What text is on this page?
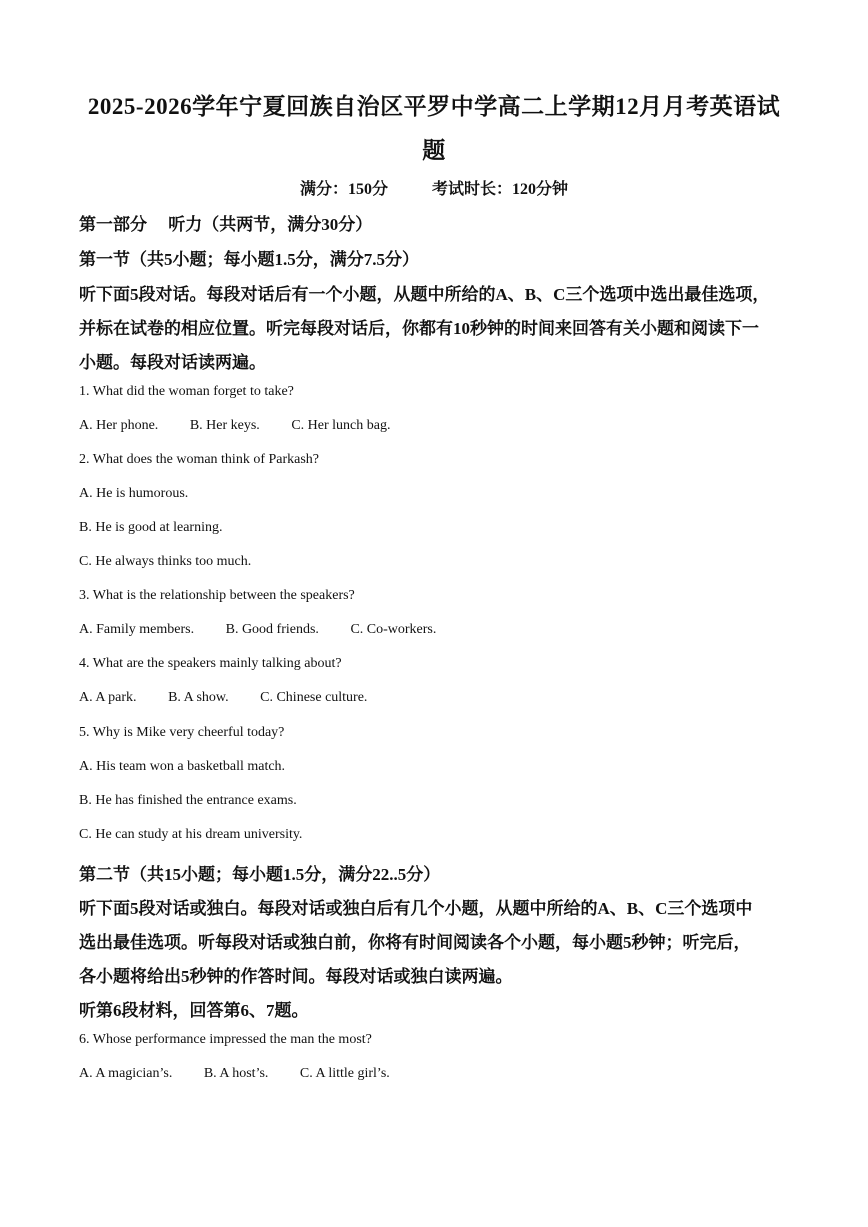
2025-2026学年宁夏回族自治区平罗中学高二上学期12月月考英语试
题
满分：150分	考试时长：120分钟
第一部分　 听力（共两节，满分30分）
第一节（共5小题；每小题1.5分，满分7.5分）
听下面5段对话。每段对话后有一个小题，从题中所给的A、B、C三个选项中选出最佳选项，
并标在试卷的相应位置。听完每段对话后，你都有10秒钟的时间来回答有关小题和阅读下一
小题。每段对话读两遍。
1. What did the woman forget to take?
A. Her phone. B. Her keys. C. Her lunch bag.
2. What does the woman think of Parkash?
A. He is humorous.
B. He is good at learning.
C. He always thinks too much.
3. What is the relationship between the speakers?
A. Family members. B. Good friends. C. Co-workers.
4. What are the speakers mainly talking about?
A. A park. B. A show. C. Chinese culture.
5. Why is Mike very cheerful today?
A. His team won a basketball match.
B. He has finished the entrance exams.
C. He can study at his dream university.
第二节（共15小题；每小题1.5分，满分22..5分）
听下面5段对话或独白。每段对话或独白后有几个小题，从题中所给的A、B、C三个选项中
选出最佳选项。听每段对话或独白前，你将有时间阅读各个小题，每小题5秒钟；听完后，
各小题将给出5秒钟的作答时间。每段对话或独白读两遍。
听第6段材料，回答第6、7题。
6. Whose performance impressed the man the most?
A. A magician’s. B. A host’s. C. A little girl’s.
